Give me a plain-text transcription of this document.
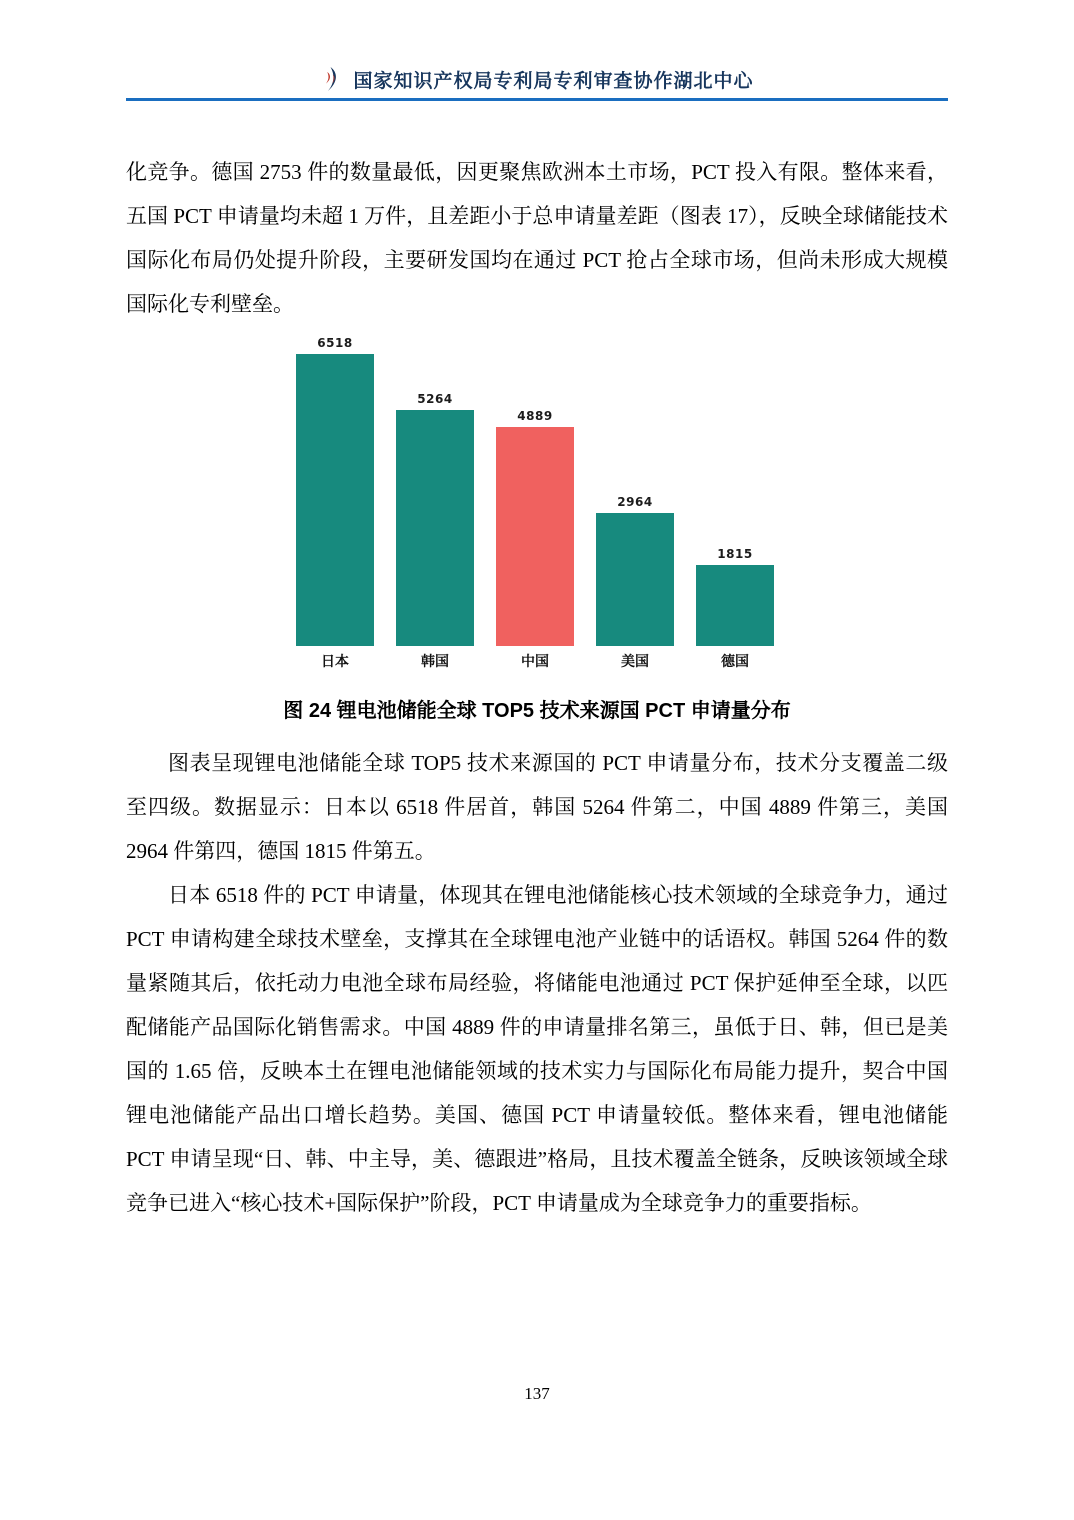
国家知识产权局专利局专利审查协作湖北中心

化竞争。德国 2753 件的数量最低，因更聚焦欧洲本土市场，PCT 投入有限。整体来看，五国 PCT 申请量均未超 1 万件，且差距小于总申请量差距（图表 17），反映全球储能技术国际化布局仍处提升阶段，主要研发国均在通过 PCT 抢占全球市场，但尚未形成大规模国际化专利壁垒。

6518
日本
5264
韩国
4889
中国
2964
美国
1815
德国
图 24 锂电池储能全球 TOP5 技术来源国 PCT 申请量分布

图表呈现锂电池储能全球 TOP5 技术来源国的 PCT 申请量分布，技术分支覆盖二级至四级。数据显示：日本以 6518 件居首，韩国 5264 件第二，中国 4889 件第三，美国 2964 件第四，德国 1815 件第五。

日本 6518 件的 PCT 申请量，体现其在锂电池储能核心技术领域的全球竞争力，通过 PCT 申请构建全球技术壁垒，支撑其在全球锂电池产业链中的话语权。韩国 5264 件的数量紧随其后，依托动力电池全球布局经验，将储能电池通过 PCT 保护延伸至全球，以匹配储能产品国际化销售需求。中国 4889 件的申请量排名第三，虽低于日、韩，但已是美国的 1.65 倍，反映本土在锂电池储能领域的技术实力与国际化布局能力提升，契合中国锂电池储能产品出口增长趋势。美国、德国 PCT 申请量较低。整体来看，锂电池储能 PCT 申请呈现“日、韩、中主导，美、德跟进”格局，且技术覆盖全链条，反映该领域全球竞争已进入“核心技术+国际保护”阶段，PCT 申请量成为全球竞争力的重要指标。

137
